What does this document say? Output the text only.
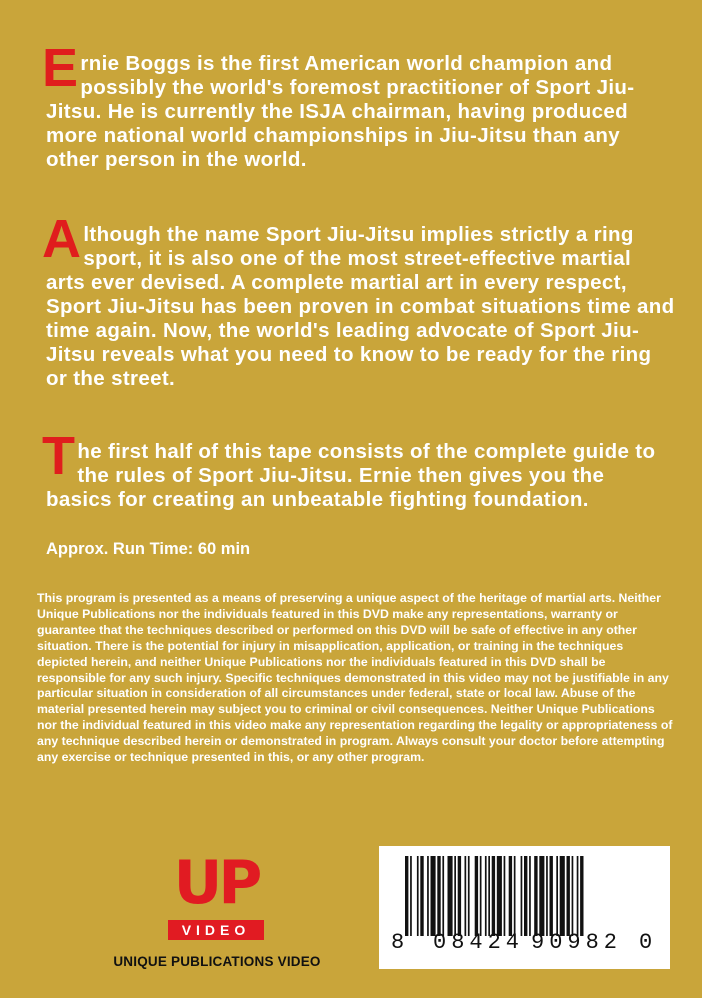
Ernie Boggs is the first American world champion and possibly the world's foremost practitioner of Sport Jiu-Jitsu. He is currently the ISJA chairman, having produced more national world championships in Jiu-Jitsu than any other person in the world.
Although the name Sport Jiu-Jitsu implies strictly a ring sport, it is also one of the most street-effective martial arts ever devised. A complete martial art in every respect, Sport Jiu-Jitsu has been proven in combat situations time and time again. Now, the world's leading advocate of Sport Jiu-Jitsu reveals what you need to know to be ready for the ring or the street.
The first half of this tape consists of the complete guide to the rules of Sport Jiu-Jitsu. Ernie then gives you the basics for creating an unbeatable fighting foundation.
Approx. Run Time: 60 min
This program is presented as a means of preserving a unique aspect of the heritage of martial arts. Neither Unique Publications nor the individuals featured in this DVD make any representations, warranty or guarantee that the techniques described or performed on this DVD will be safe of effective in any other situation. There is the potential for injury in misapplication, application, or training in the techniques depicted herein, and neither Unique Publications nor the individuals featured in this DVD shall be responsible for any such injury. Specific techniques demonstrated in this video may not be justifiable in any particular situation in consideration of all circumstances under federal, state or local law. Abuse of the material presented herein may subject you to criminal or civil consequences. Neither Unique Publications nor the individual featured in this video make any representation regarding the legality or appropriateness of any technique described herein or demonstrated in program. Always consult your doctor before attempting any exercise or technique presented in this, or any other program.
UP
VIDEO
UNIQUE PUBLICATIONS VIDEO
8 08424 90982 0
